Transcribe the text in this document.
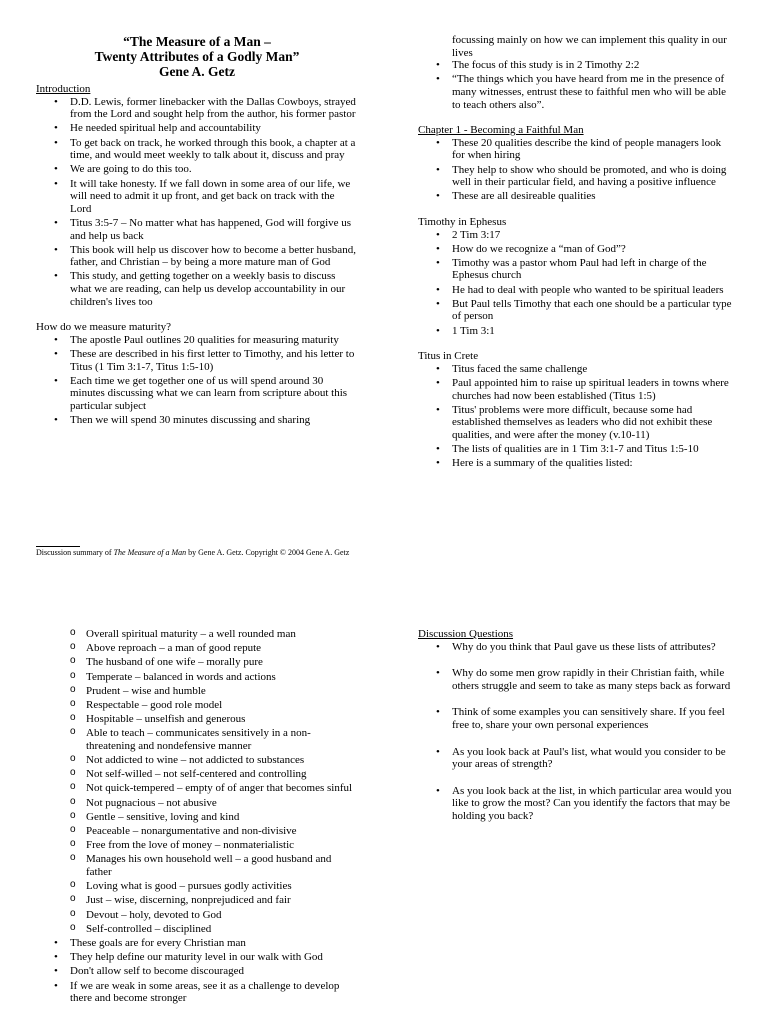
“The Measure of a Man –
Twenty Attributes of a Godly Man”
Gene A. Getz
Introduction
• D.D. Lewis, former linebacker with the Dallas Cowboys, strayed from the Lord and sought help from the author, his former pastor
• He needed spiritual help and accountability
• To get back on track, he worked through this book, a chapter at a time, and would meet weekly to talk about it, discuss and pray
• We are going to do this too.
• It will take honesty. If we fall down in some area of our life, we will need to admit it up front, and get back on track with the Lord
• Titus 3:5-7 – No matter what has happened, God will forgive us and help us back
• This book will help us discover how to become a better husband, father, and Christian – by being a more mature man of God
• This study, and getting together on a weekly basis to discuss what we are reading, can help us develop accountability in our children's lives too
How do we measure maturity?
• The apostle Paul outlines 20 qualities for measuring maturity
• These are described in his first letter to Timothy, and his letter to Titus (1 Tim 3:1-7, Titus 1:5-10)
• Each time we get together one of us will spend around 30 minutes discussing what we can learn from scripture about this particular subject
• Then we will spend 30 minutes discussing and sharing
Discussion summary of The Measure of a Man by Gene A. Getz. Copyright © 2004 Gene A. Getz
focussing mainly on how we can implement this quality in our lives
• The focus of this study is in 2 Timothy 2:2
• “The things which you have heard from me in the presence of many witnesses, entrust these to faithful men who will be able to teach others also”.
Chapter 1 - Becoming a Faithful Man
• These 20 qualities describe the kind of people managers look for when hiring
• They help to show who should be promoted, and who is doing well in their particular field, and having a positive influence
• These are all desireable qualities
Timothy in Ephesus
• 2 Tim 3:17
• How do we recognize a “man of God”?
• Timothy was a pastor whom Paul had left in charge of the Ephesus church
• He had to deal with people who wanted to be spiritual leaders
• But Paul tells Timothy that each one should be a particular type of person
• 1 Tim 3:1
Titus in Crete
• Titus faced the same challenge
• Paul appointed him to raise up spiritual leaders in towns where churches had now been established (Titus 1:5)
• Titus' problems were more difficult, because some had established themselves as leaders who did not exhibit these qualities, and were after the money (v.10-11)
• The lists of qualities are in 1 Tim 3:1-7 and Titus 1:5-10
• Here is a summary of the qualities listed:
o Overall spiritual maturity – a well rounded man
o Above reproach – a man of good repute
o The husband of one wife – morally pure
o Temperate – balanced in words and actions
o Prudent – wise and humble
o Respectable – good role model
o Hospitable – unselfish and generous
o Able to teach – communicates sensitively in a non-threatening and nondefensive manner
o Not addicted to wine – not addicted to substances
o Not self-willed – not self-centered and controlling
o Not quick-tempered – empty of of anger that becomes sinful
o Not pugnacious – not abusive
o Gentle – sensitive, loving and kind
o Peaceable – nonargumentative and non-divisive
o Free from the love of money – nonmaterialistic
o Manages his own household well – a good husband and father
o Loving what is good – pursues godly activities
o Just – wise, discerning, nonprejudiced and fair
o Devout – holy, devoted to God
o Self-controlled – disciplined
• These goals are for every Christian man
• They help define our maturity level in our walk with God
• Don't allow self to become discouraged
• If we are weak in some areas, see it as a challenge to develop there and become stronger
Discussion Questions
• Why do you think that Paul gave us these lists of attributes?
• Why do some men grow rapidly in their Christian faith, while others struggle and seem to take as many steps back as forward
• Think of some examples you can sensitively share. If you feel free to, share your own personal experiences
• As you look back at Paul's list, what would you consider to be your areas of strength?
• As you look back at the list, in which particular area would you like to grow the most? Can you identify the factors that may be holding you back?
